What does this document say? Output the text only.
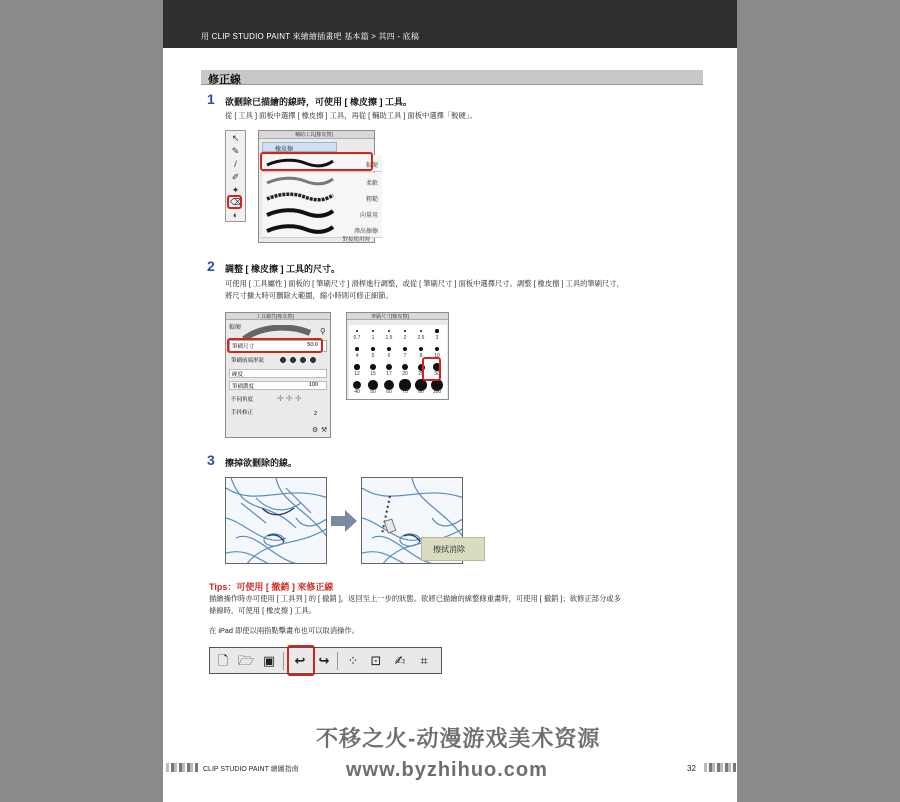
用 CLIP STUDIO PAINT 來繪繪插畫吧 基本篇 > 其四 - 底稿
修正線
1 欲刪除已描繪的線時，可使用 [ 橡皮擦 ] 工具。
從 [ 工具 ] 面板中選擇 [ 橡皮擦 ] 工具，再從 [ 輔助工具 ] 面板中選擇「較硬」。
↖
✎
/
✐
✦
⌫
◐
輔助工具[橡皮擦]
橡皮擦
較硬
柔軟
粗糙
向量用
滲出擦擦
對接使用時
2 調整 [ 橡皮擦 ] 工具的尺寸。
可使用 [ 工具屬性 ] 面板的 [ 筆刷尺寸 ] 滑桿進行調整，或從 [ 筆刷尺寸 ] 面板中選擇尺寸。調整 [ 橡皮擦 ] 工具的筆刷尺寸，
將尺寸擴大時可刪除大範圍，縮小時則可修正細節。
工具屬性[橡皮擦]
較硬	⚲
筆刷尺寸	50.0
筆刷前端形狀
硬度
筆刷濃度	100
不同角度	✛ ✛ ✛
手抖修正	2
⚙ ⚒
筆刷尺寸[橡皮擦]
0.7	1	1.5	2	2.5	3
4	5	6	7	8	10
12	15	17	20	25	30
40	50	60	70	80	100
3 擦掉欲刪除的線。
擦拭消除
Tips：可使用 [ 撤銷 ] 來修正線
描繪操作時亦可使用 [ 工具列 ] 的 [ 撤銷 ]，返回至上一步的狀態。欲將已描繪的線整條重畫時，可使用 [ 撤銷 ]；欲修正部分或多
條線時，可使用 [ 橡皮擦 ] 工具。
在 iPad 即使以兩指點擊畫布也可以取消操作。
🗋 🗁 ▣	↩	↪	⁘ ⊡	✍	⌗
不移之火-动漫游戏美术资源
www.byzhihuo.com
CLIP STUDIO PAINT 繪圖指南	32
